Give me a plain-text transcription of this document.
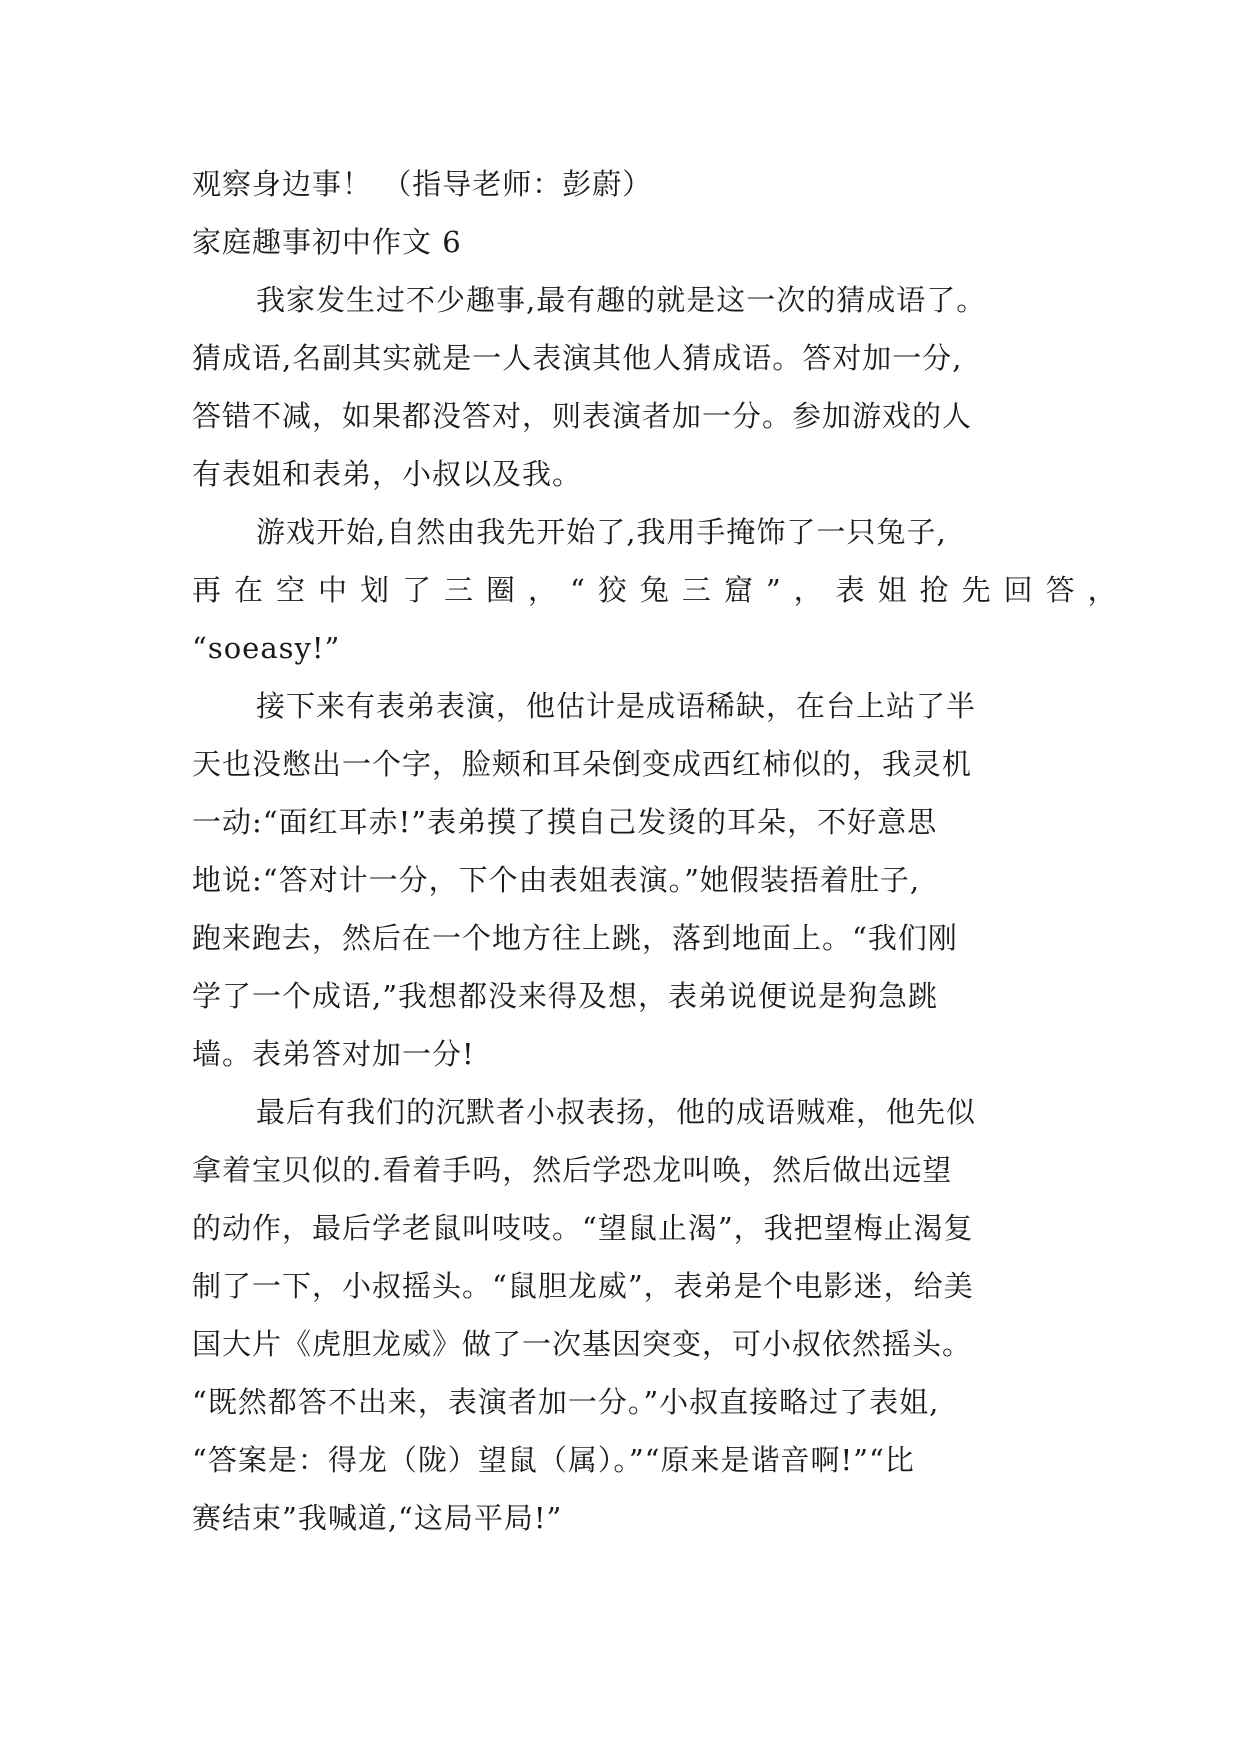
观察身边事！ （指导老师：彭蔚）
家庭趣事初中作文 6
我家发生过不少趣事,最有趣的就是这一次的猜成语了。
猜成语,名副其实就是一人表演其他人猜成语。答对加一分,
答错不减，如果都没答对，则表演者加一分。参加游戏的人
有表姐和表弟，小叔以及我。
游戏开始,自然由我先开始了,我用手掩饰了一只兔子,
再在空中划了三圈，“狡兔三窟”，表姐抢先回答，
“soeasy!”
接下来有表弟表演，他估计是成语稀缺，在台上站了半
天也没憋出一个字，脸颊和耳朵倒变成西红柿似的，我灵机
一动:“面红耳赤!”表弟摸了摸自己发烫的耳朵，不好意思
地说:“答对计一分，下个由表姐表演。”她假装捂着肚子,
跑来跑去，然后在一个地方往上跳，落到地面上。“我们刚
学了一个成语,”我想都没来得及想，表弟说便说是狗急跳
墙。表弟答对加一分!
最后有我们的沉默者小叔表扬，他的成语贼难，他先似
拿着宝贝似的.看着手吗，然后学恐龙叫唤，然后做出远望
的动作，最后学老鼠叫吱吱。“望鼠止渴”，我把望梅止渴复
制了一下，小叔摇头。“鼠胆龙威”，表弟是个电影迷，给美
国大片《虎胆龙威》做了一次基因突变，可小叔依然摇头。
“既然都答不出来，表演者加一分。”小叔直接略过了表姐,
“答案是：得龙（陇）望鼠（属）。”“原来是谐音啊!”“比
赛结束”我喊道,“这局平局!”
